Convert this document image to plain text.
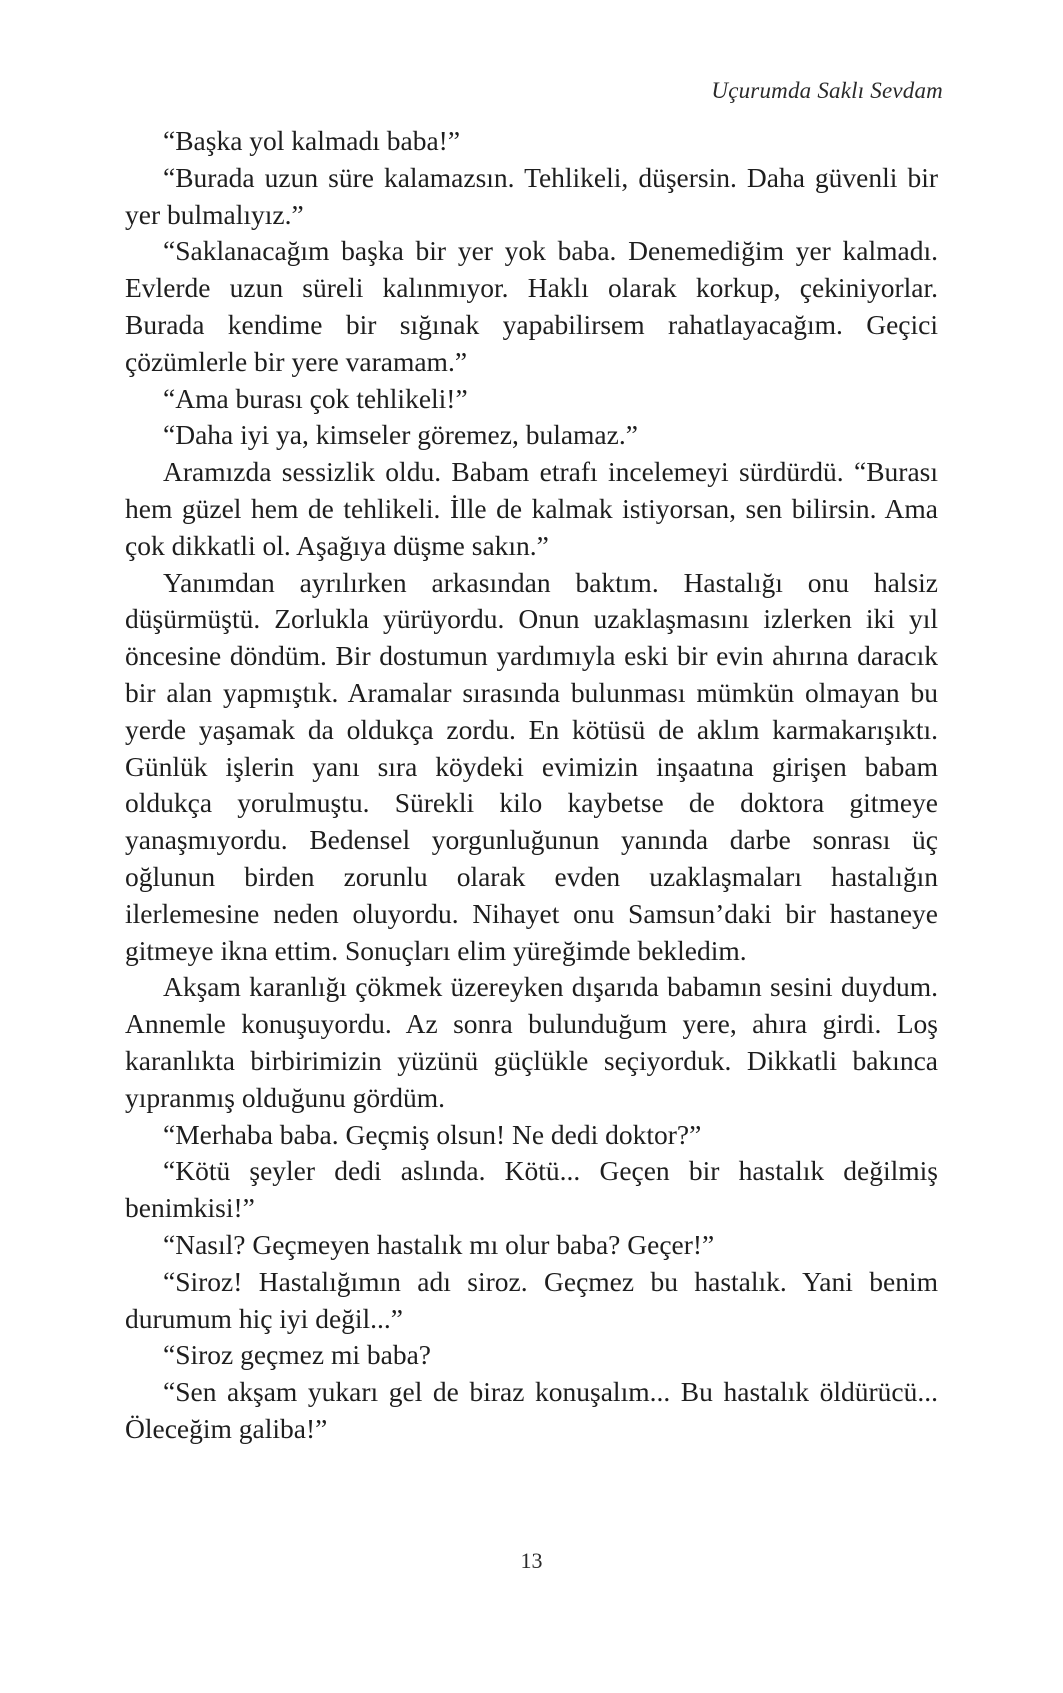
Uçurumda Saklı Sevdam

“Başka yol kalmadı baba!”

“Burada uzun süre kalamazsın. Tehlikeli, düşersin. Daha güvenli bir yer bulmalıyız.”

“Saklanacağım başka bir yer yok baba. Denemediğim yer kalmadı. Evlerde uzun süreli kalınmıyor. Haklı olarak korkup, çekiniyorlar. Burada kendime bir sığınak yapabilirsem rahatlayacağım. Geçici çözümlerle bir yere varamam.”

“Ama burası çok tehlikeli!”

“Daha iyi ya, kimseler göremez, bulamaz.”

Aramızda sessizlik oldu. Babam etrafı incelemeyi sürdürdü. “Burası hem güzel hem de tehlikeli. İlle de kalmak istiyorsan, sen bilirsin. Ama çok dikkatli ol. Aşağıya düşme sakın.”

Yanımdan ayrılırken arkasından baktım. Hastalığı onu halsiz düşürmüştü. Zorlukla yürüyordu. Onun uzaklaşmasını izlerken iki yıl öncesine döndüm. Bir dostumun yardımıyla eski bir evin ahırına daracık bir alan yapmıştık. Aramalar sırasında bulunması mümkün olmayan bu yerde yaşamak da oldukça zordu. En kötüsü de aklım karmakarışıktı. Günlük işlerin yanı sıra köydeki evimizin inşaatına girişen babam oldukça yorulmuştu. Sürekli kilo kaybetse de doktora gitmeye yanaşmıyordu. Bedensel yorgunluğunun yanında darbe sonrası üç oğlunun birden zorunlu olarak evden uzaklaşmaları hastalığın ilerlemesine neden oluyordu. Nihayet onu Samsun’daki bir hastaneye gitmeye ikna ettim. Sonuçları elim yüreğimde bekledim.

Akşam karanlığı çökmek üzereyken dışarıda babamın sesini duydum. Annemle konuşuyordu. Az sonra bulunduğum yere, ahıra girdi. Loş karanlıkta birbirimizin yüzünü güçlükle seçiyorduk. Dikkatli bakınca yıpranmış olduğunu gördüm.

“Merhaba baba. Geçmiş olsun! Ne dedi doktor?”

“Kötü şeyler dedi aslında. Kötü... Geçen bir hastalık değilmiş benimkisi!”

“Nasıl? Geçmeyen hastalık mı olur baba? Geçer!”

“Siroz! Hastalığımın adı siroz. Geçmez bu hastalık. Yani benim durumum hiç iyi değil...”

“Siroz geçmez mi baba?

“Sen akşam yukarı gel de biraz konuşalım... Bu hastalık öldürücü... Öleceğim galiba!”

13
